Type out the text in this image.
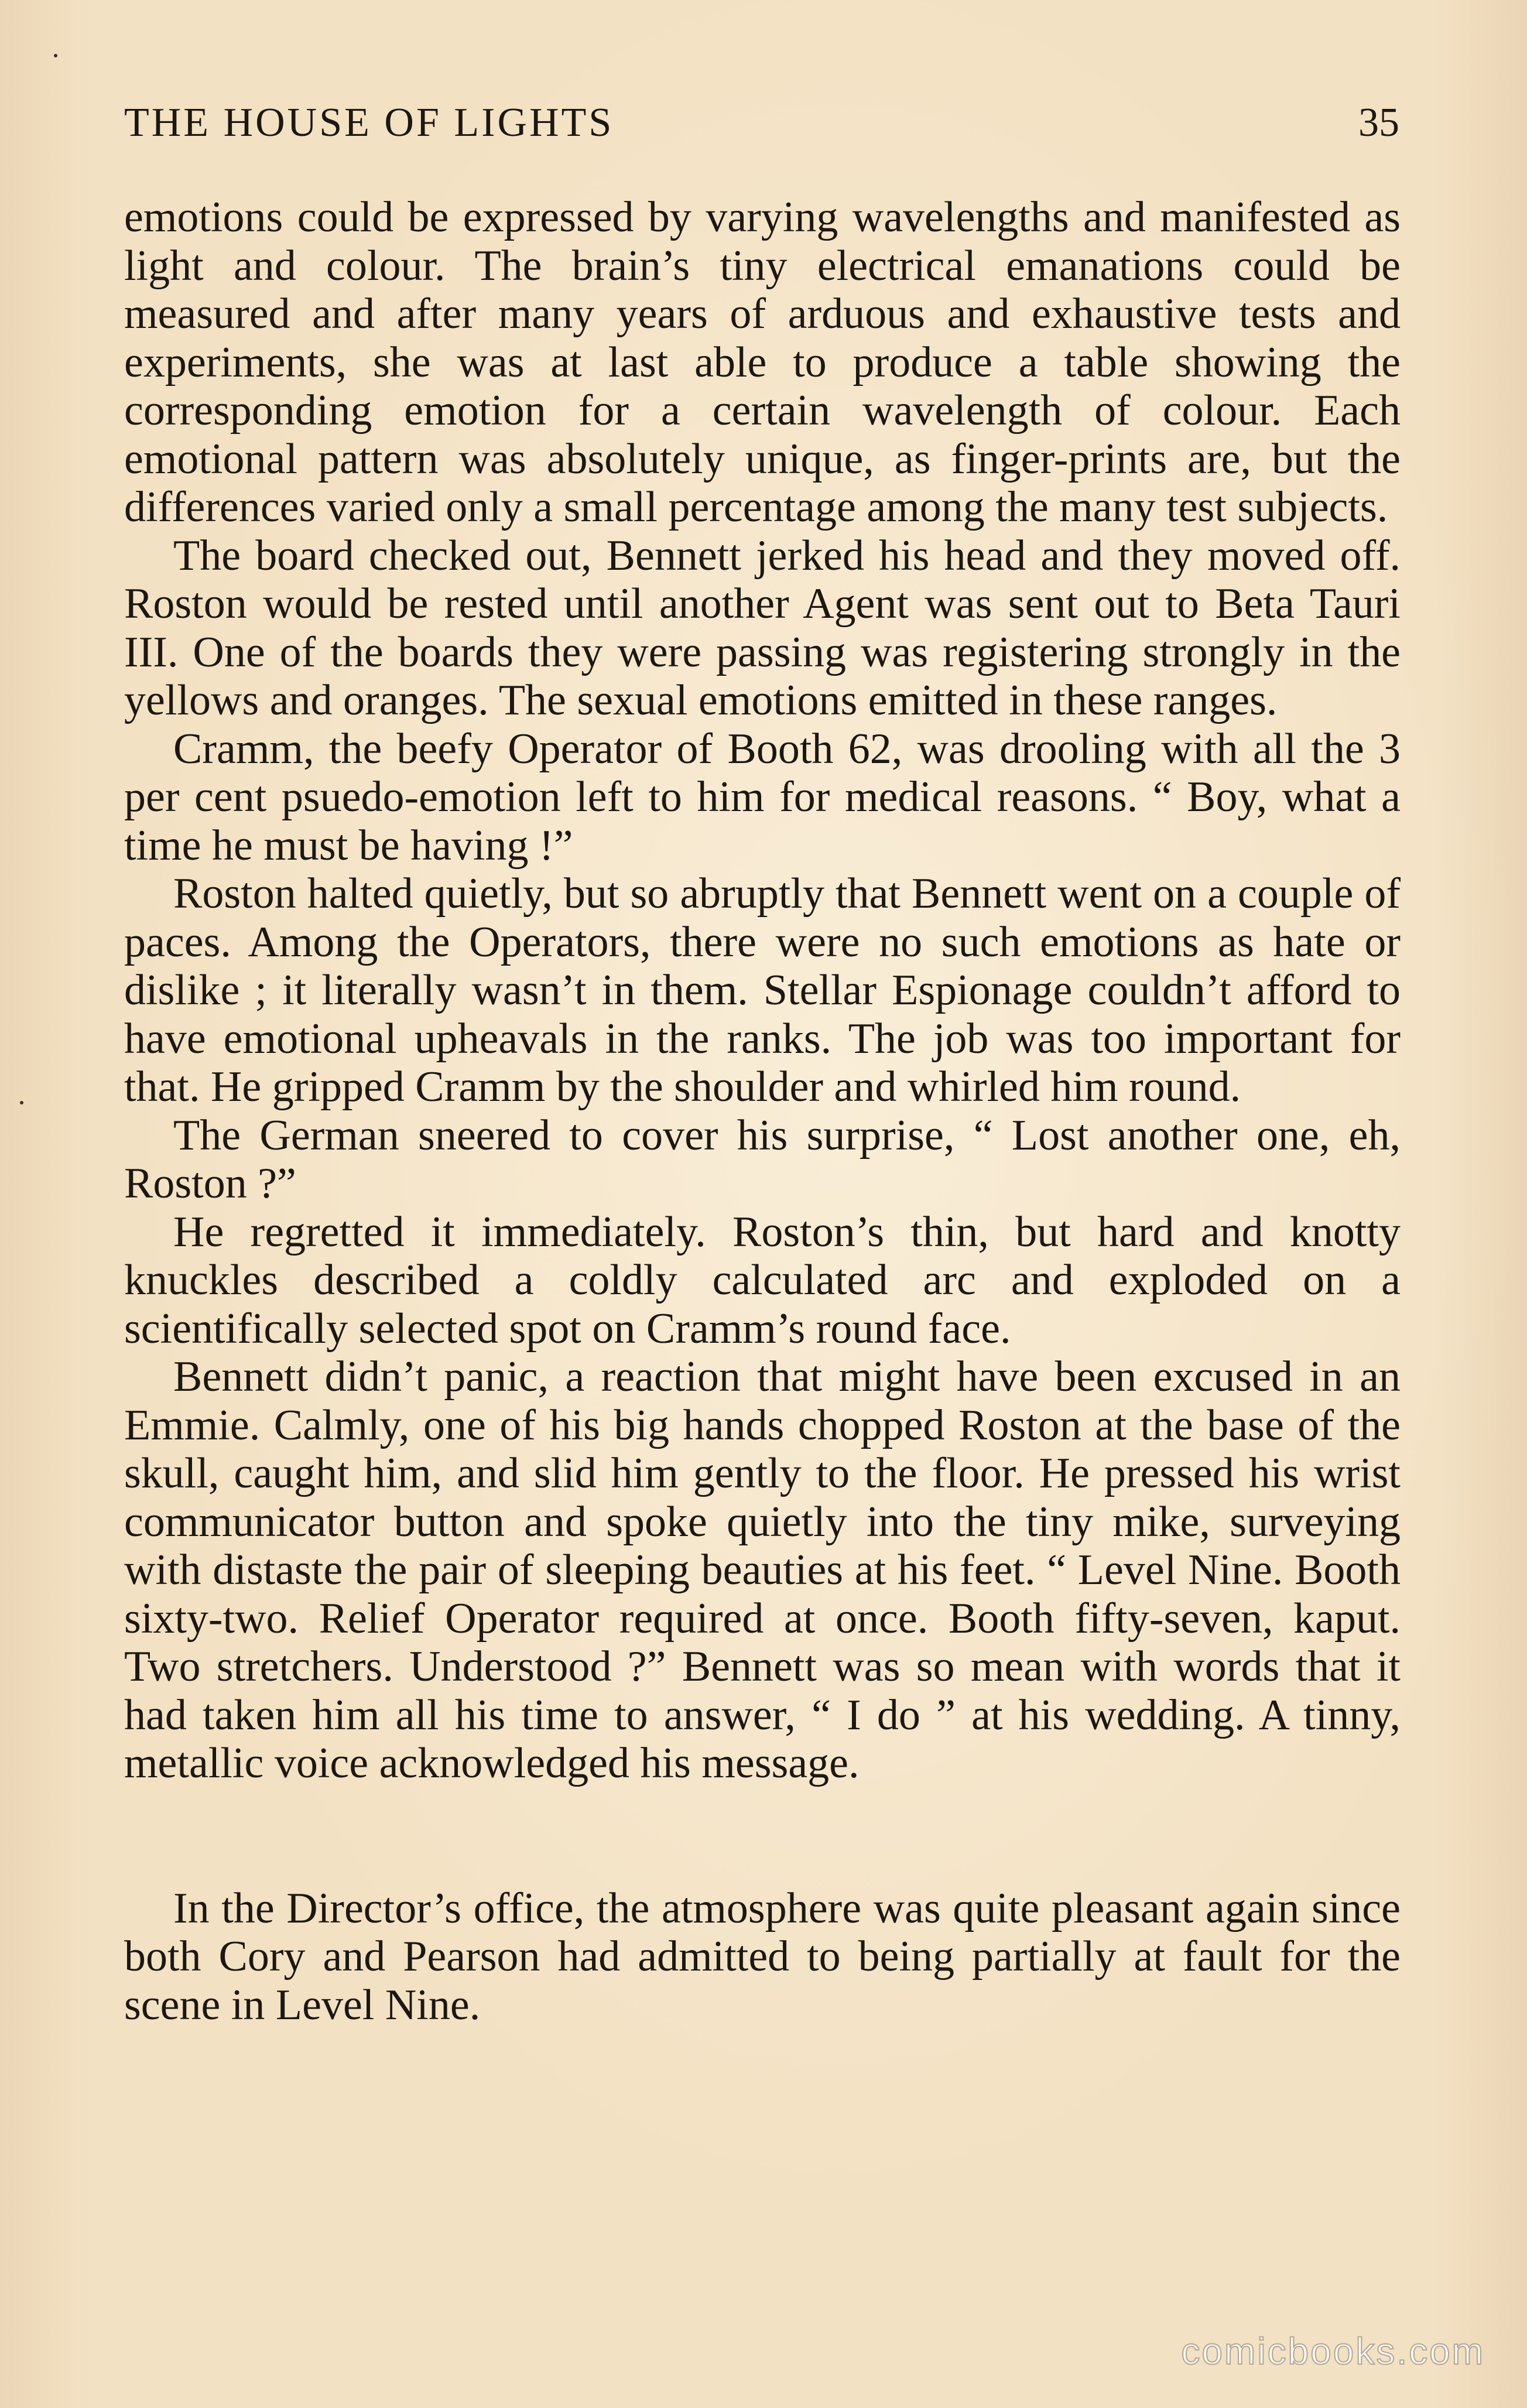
THE HOUSE OF LIGHTS	35

emotions could be expressed by varying wavelengths and manifested as light and colour. The brain’s tiny electrical emanations could be measured and after many years of arduous and exhaustive tests and experiments, she was at last able to produce a table showing the corresponding emotion for a certain wavelength of colour. Each emotional pattern was absolutely unique, as finger-prints are, but the differences varied only a small percentage among the many test subjects.

The board checked out, Bennett jerked his head and they moved off. Roston would be rested until another Agent was sent out to Beta Tauri III. One of the boards they were passing was registering strongly in the yellows and oranges. The sexual emotions emitted in these ranges.

Cramm, the beefy Operator of Booth 62, was drooling with all the 3 per cent psuedo-emotion left to him for medical reasons. “ Boy, what a time he must be having !”

Roston halted quietly, but so abruptly that Bennett went on a couple of paces. Among the Operators, there were no such emotions as hate or dislike ; it literally wasn’t in them. Stellar Espionage couldn’t afford to have emotional upheavals in the ranks. The job was too important for that. He gripped Cramm by the shoulder and whirled him round.

The German sneered to cover his surprise, “ Lost another one, eh, Roston ?”

He regretted it immediately. Roston’s thin, but hard and knotty knuckles described a coldly calculated arc and exploded on a scientifically selected spot on Cramm’s round face.

Bennett didn’t panic, a reaction that might have been excused in an Emmie. Calmly, one of his big hands chopped Roston at the base of the skull, caught him, and slid him gently to the floor. He pressed his wrist communicator button and spoke quietly into the tiny mike, surveying with distaste the pair of sleeping beauties at his feet. “ Level Nine. Booth sixty-two. Relief Operator required at once. Booth fifty-seven, kaput. Two stretchers. Understood ?” Bennett was so mean with words that it had taken him all his time to answer, “ I do ” at his wedding. A tinny, metallic voice acknowledged his message.

In the Director’s office, the atmosphere was quite pleasant again since both Cory and Pearson had admitted to being partially at fault for the scene in Level Nine.

comicbooks.com
